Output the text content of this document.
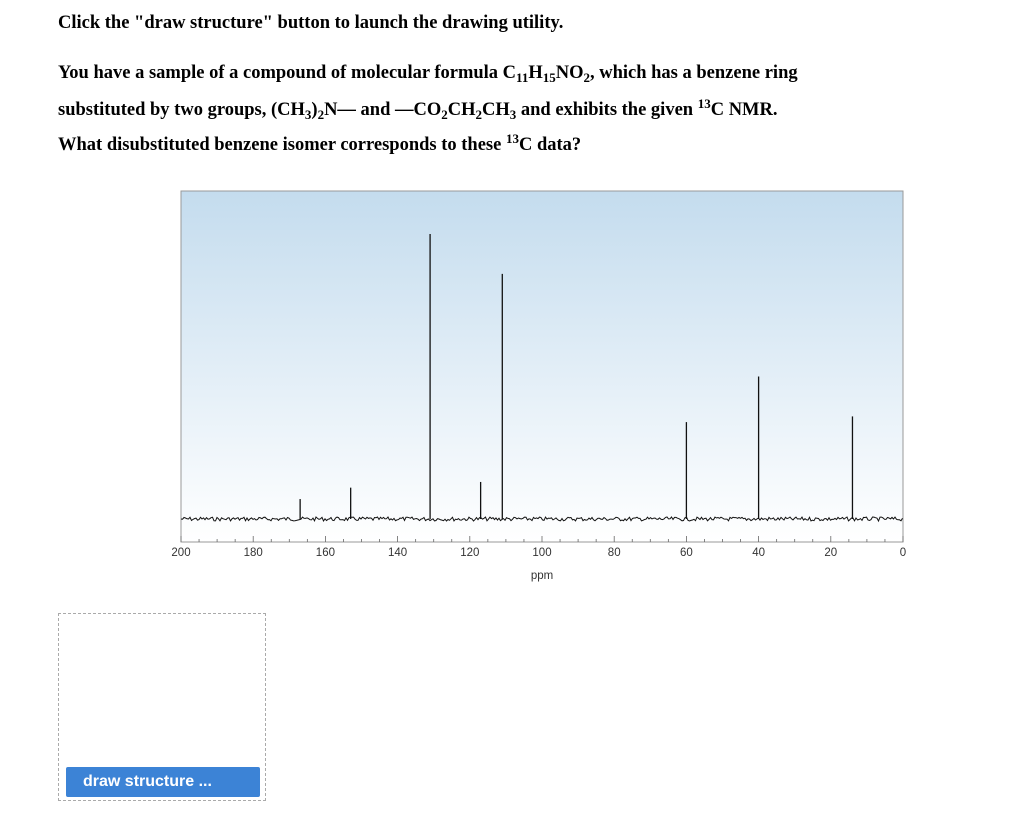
Click the "draw structure" button to launch the drawing utility.
You have a sample of a compound of molecular formula $C_{11}H_{15}NO_2$, which has a benzene ring
substituted by two groups, $(CH_3)_2N—$ and $—CO_2CH_2CH_3$ and exhibits the given $^{13}$C NMR.
What disubstituted benzene isomer corresponds to these $^{13}$C data?
200	180	160	140	120	100	80	60	40	20	0
ppm
draw structure ...
